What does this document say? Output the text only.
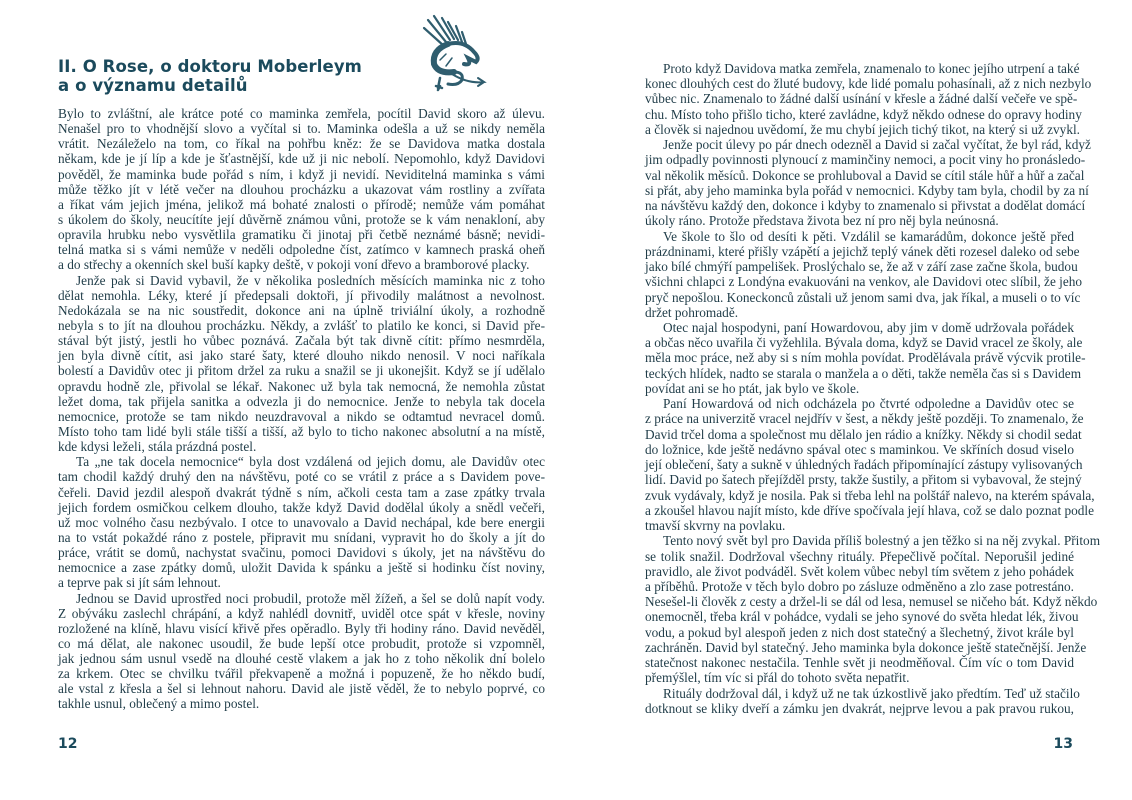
II. O Rose, o doktoru Moberleym
a o významu detailů
Bylo to zvláštní, ale krátce poté co maminka zemřela, pocítil David skoro až úlevu.
Nenašel pro to vhodnější slovo a vyčítal si to. Maminka odešla a už se nikdy neměla
vrátit. Nezáleželo na tom, co říkal na pohřbu kněz: že se Davidova matka dostala
někam, kde je jí líp a kde je šťastnější, kde už ji nic nebolí. Nepomohlo, když Davidovi
pověděl, že maminka bude pořád s ním, i když ji nevidí. Neviditelná maminka s vámi
může těžko jít v létě večer na dlouhou procházku a ukazovat vám rostliny a zvířata
a říkat vám jejich jména, jelikož má bohaté znalosti o přírodě; nemůže vám pomáhat
s úkolem do školy, neucítíte její důvěrně známou vůni, protože se k vám nenakloní, aby
opravila hrubku nebo vysvětlila gramatiku či jinotaj při četbě neznámé básně; nevidi-
telná matka si s vámi nemůže v neděli odpoledne číst, zatímco v kamnech praská oheň
a do střechy a okenních skel buší kapky deště, v pokoji voní dřevo a bramborové placky.
Jenže pak si David vybavil, že v několika posledních měsících maminka nic z toho
dělat nemohla. Léky, které jí předepsali doktoři, jí přivodily malátnost a nevolnost.
Nedokázala se na nic soustředit, dokonce ani na úplně triviální úkoly, a rozhodně
nebyla s to jít na dlouhou procházku. Někdy, a zvlášť to platilo ke konci, si David pře-
stával být jistý, jestli ho vůbec poznává. Začala být tak divně cítit: přímo nesmrděla,
jen byla divně cítit, asi jako staré šaty, které dlouho nikdo nenosil. V noci naříkala
bolestí a Davidův otec ji přitom držel za ruku a snažil se ji ukonejšit. Když se jí udělalo
opravdu hodně zle, přivolal se lékař. Nakonec už byla tak nemocná, že nemohla zůstat
ležet doma, tak přijela sanitka a odvezla ji do nemocnice. Jenže to nebyla tak docela
nemocnice, protože se tam nikdo neuzdravoval a nikdo se odtamtud nevracel domů.
Místo toho tam lidé byli stále tišší a tišší, až bylo to ticho nakonec absolutní a na místě,
kde kdysi leželi, stála prázdná postel.
Ta „ne tak docela nemocnice“ byla dost vzdálená od jejich domu, ale Davidův otec
tam chodil každý druhý den na návštěvu, poté co se vrátil z práce a s Davidem pove-
čeřeli. David jezdil alespoň dvakrát týdně s ním, ačkoli cesta tam a zase zpátky trvala
jejich fordem osmičkou celkem dlouho, takže když David dodělal úkoly a snědl večeři,
už moc volného času nezbývalo. I otce to unavovalo a David nechápal, kde bere energii
na to vstát pokaždé ráno z postele, připravit mu snídani, vypravit ho do školy a jít do
práce, vrátit se domů, nachystat svačinu, pomoci Davidovi s úkoly, jet na návštěvu do
nemocnice a zase zpátky domů, uložit Davida k spánku a ještě si hodinku číst noviny,
a teprve pak si jít sám lehnout.
Jednou se David uprostřed noci probudil, protože měl žížeň, a šel se dolů napít vody.
Z obýváku zaslechl chrápání, a když nahlédl dovnitř, uviděl otce spát v křesle, noviny
rozložené na klíně, hlavu visící křivě přes opěradlo. Byly tři hodiny ráno. David nevěděl,
co má dělat, ale nakonec usoudil, že bude lepší otce probudit, protože si vzpomněl,
jak jednou sám usnul vsedě na dlouhé cestě vlakem a jak ho z toho několik dní bolelo
za krkem. Otec se chvilku tvářil překvapeně a možná i popuzeně, že ho někdo budí,
ale vstal z křesla a šel si lehnout nahoru. David ale jistě věděl, že to nebylo poprvé, co
takhle usnul, oblečený a mimo postel.
12
Proto když Davidova matka zemřela, znamenalo to konec jejího utrpení a také
konec dlouhých cest do žluté budovy, kde lidé pomalu pohasínali, až z nich nezbylo
vůbec nic. Znamenalo to žádné další usínání v křesle a žádné další večeře ve spě-
chu. Místo toho přišlo ticho, které zavládne, když někdo odnese do opravy hodiny
a člověk si najednou uvědomí, že mu chybí jejich tichý tikot, na který si už zvykl.
Jenže pocit úlevy po pár dnech odezněl a David si začal vyčítat, že byl rád, když
jim odpadly povinnosti plynoucí z maminčiny nemoci, a pocit viny ho pronásledo-
val několik měsíců. Dokonce se prohluboval a David se cítil stále hůř a hůř a začal
si přát, aby jeho maminka byla pořád v nemocnici. Kdyby tam byla, chodil by za ní
na návštěvu každý den, dokonce i kdyby to znamenalo si přivstat a dodělat domácí
úkoly ráno. Protože představa života bez ní pro něj byla neúnosná.
Ve škole to šlo od desíti k pěti. Vzdálil se kamarádům, dokonce ještě před
prázdninami, které přišly vzápětí a jejichž teplý vánek děti rozesel daleko od sebe
jako bílé chmýří pampelišek. Proslýchalo se, že až v září zase začne škola, budou
všichni chlapci z Londýna evakuováni na venkov, ale Davidovi otec slíbil, že jeho
pryč nepošlou. Koneckonců zůstali už jenom sami dva, jak říkal, a museli o to víc
držet pohromadě.
Otec najal hospodyni, paní Howardovou, aby jim v domě udržovala pořádek
a občas něco uvařila či vyžehlila. Bývala doma, když se David vracel ze školy, ale
měla moc práce, než aby si s ním mohla povídat. Prodělávala právě výcvik protile-
teckých hlídek, nadto se starala o manžela a o děti, takže neměla čas si s Davidem
povídat ani se ho ptát, jak bylo ve škole.
Paní Howardová od nich odcházela po čtvrté odpoledne a Davidův otec se
z práce na univerzitě vracel nejdřív v šest, a někdy ještě později. To znamenalo, že
David trčel doma a společnost mu dělalo jen rádio a knížky. Někdy si chodil sedat
do ložnice, kde ještě nedávno spával otec s maminkou. Ve skříních dosud viselo
její oblečení, šaty a sukně v úhledných řadách připomínající zástupy vylisovaných
lidí. David po šatech přejížděl prsty, takže šustily, a přitom si vybavoval, že stejný
zvuk vydávaly, když je nosila. Pak si třeba lehl na polštář nalevo, na kterém spávala,
a zkoušel hlavou najít místo, kde dříve spočívala její hlava, což se dalo poznat podle
tmavší skvrny na povlaku.
Tento nový svět byl pro Davida příliš bolestný a jen těžko si na něj zvykal. Přitom
se tolik snažil. Dodržoval všechny rituály. Přepečlivě počítal. Neporušil jediné
pravidlo, ale život podváděl. Svět kolem vůbec nebyl tím světem z jeho pohádek
a příběhů. Protože v těch bylo dobro po zásluze odměněno a zlo zase potrestáno.
Nesešel-li člověk z cesty a držel-li se dál od lesa, nemusel se ničeho bát. Když někdo
onemocněl, třeba král v pohádce, vydali se jeho synové do světa hledat lék, živou
vodu, a pokud byl alespoň jeden z nich dost statečný a šlechetný, život krále byl
zachráněn. David byl statečný. Jeho maminka byla dokonce ještě statečnější. Jenže
statečnost nakonec nestačila. Tenhle svět ji neodměňoval. Čím víc o tom David
přemýšlel, tím víc si přál do tohoto světa nepatřit.
Rituály dodržoval dál, i když už ne tak úzkostlivě jako předtím. Teď už stačilo
dotknout se kliky dveří a zámku jen dvakrát, nejprve levou a pak pravou rukou,
13
